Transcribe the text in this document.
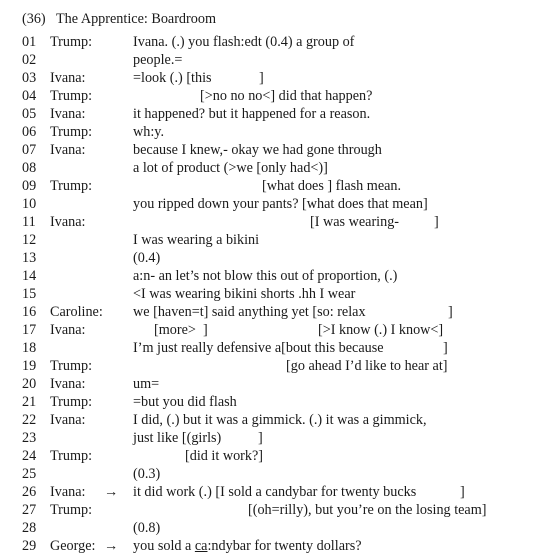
(36)   The Apprentice: Boardroom
01 Trump:	Ivana. (.) you flash:edt (0.4) a group of
02	people.=
03 Ivana:	=look (.) [this	]
04 Trump:	[>no no no<] did that happen?
05 Ivana:	it happened? but it happened for a reason.
06 Trump:	wh:y.
07 Ivana:	because I knew,- okay we had gone through
08	a lot of product (>we [only had<)]
09 Trump:	[what does ] flash mean.
10	you ripped down your pants? [what does that mean]
11	Ivana:	[I was wearing- ]
12	I was wearing a bikini
13	(0.4)
14	a:n- an let’s not blow this out of proportion, (.)
15	<I was wearing bikini shorts .hh I wear
16 Caroline: we [haven=t] said anything yet [so: relax	]
17 Ivana:	[more>  ]	[>I know (.) I know<]
18	I’m just really defensive a[bout this because	]
19 Trump:	[go ahead I’d like to hear at]
20 Ivana:	um=
21 Trump:	=but you did flash
22 Ivana:	I did, (.) but it was a gimmick. (.) it was a gimmick,
23	just like [(girls)	]
24 Trump:	[did it work?]
25	(0.3)
26 Ivana: → it did work (.) [I sold a candybar for twenty bucks	]
27 Trump:	[(oh=rilly), but you’re on the losing team]
28	(0.8)
29 George: → you sold a ca:ndybar for twenty dollars?
